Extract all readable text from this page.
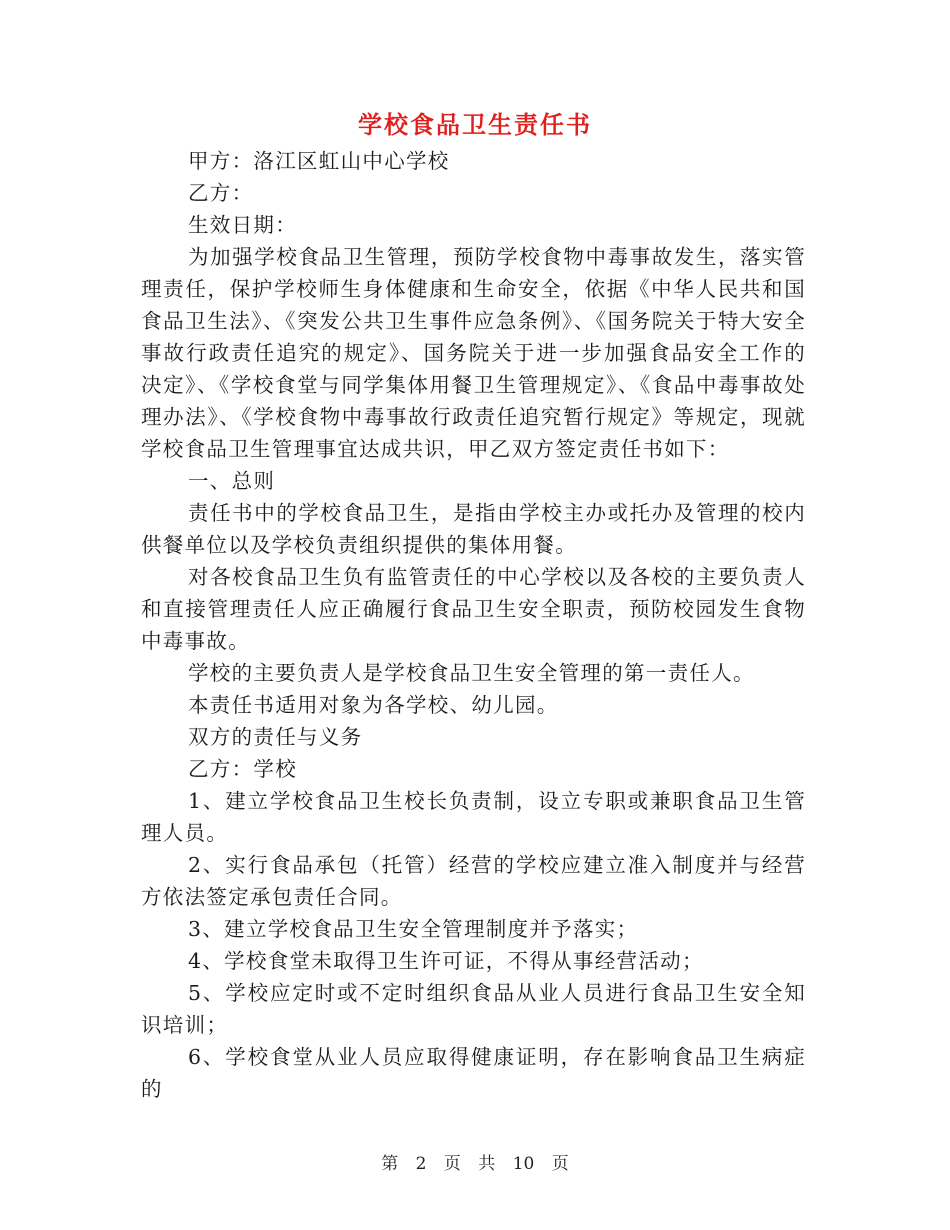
学校食品卫生责任书

甲方：洛江区虹山中心学校

乙方：

生效日期：

为加强学校食品卫生管理，预防学校食物中毒事故发生，落实管理责任，保护学校师生身体健康和生命安全，依据《中华人民共和国食品卫生法》、《突发公共卫生事件应急条例》、《国务院关于特大安全事故行政责任追究的规定》、国务院关于进一步加强食品安全工作的决定》、《学校食堂与同学集体用餐卫生管理规定》、《食品中毒事故处理办法》、《学校食物中毒事故行政责任追究暂行规定》等规定，现就学校食品卫生管理事宜达成共识，甲乙双方签定责任书如下：

一、总则

责任书中的学校食品卫生，是指由学校主办或托办及管理的校内供餐单位以及学校负责组织提供的集体用餐。

对各校食品卫生负有监管责任的中心学校以及各校的主要负责人和直接管理责任人应正确履行食品卫生安全职责，预防校园发生食物中毒事故。

学校的主要负责人是学校食品卫生安全管理的第一责任人。

本责任书适用对象为各学校、幼儿园。

双方的责任与义务

乙方：学校

1、建立学校食品卫生校长负责制，设立专职或兼职食品卫生管理人员。

2、实行食品承包（托管）经营的学校应建立准入制度并与经营方依法签定承包责任合同。

3、建立学校食品卫生安全管理制度并予落实；

4、学校食堂未取得卫生许可证，不得从事经营活动；

5、学校应定时或不定时组织食品从业人员进行食品卫生安全知识培训；

6、学校食堂从业人员应取得健康证明，存在影响食品卫生病症的

第 2 页 共 10 页
